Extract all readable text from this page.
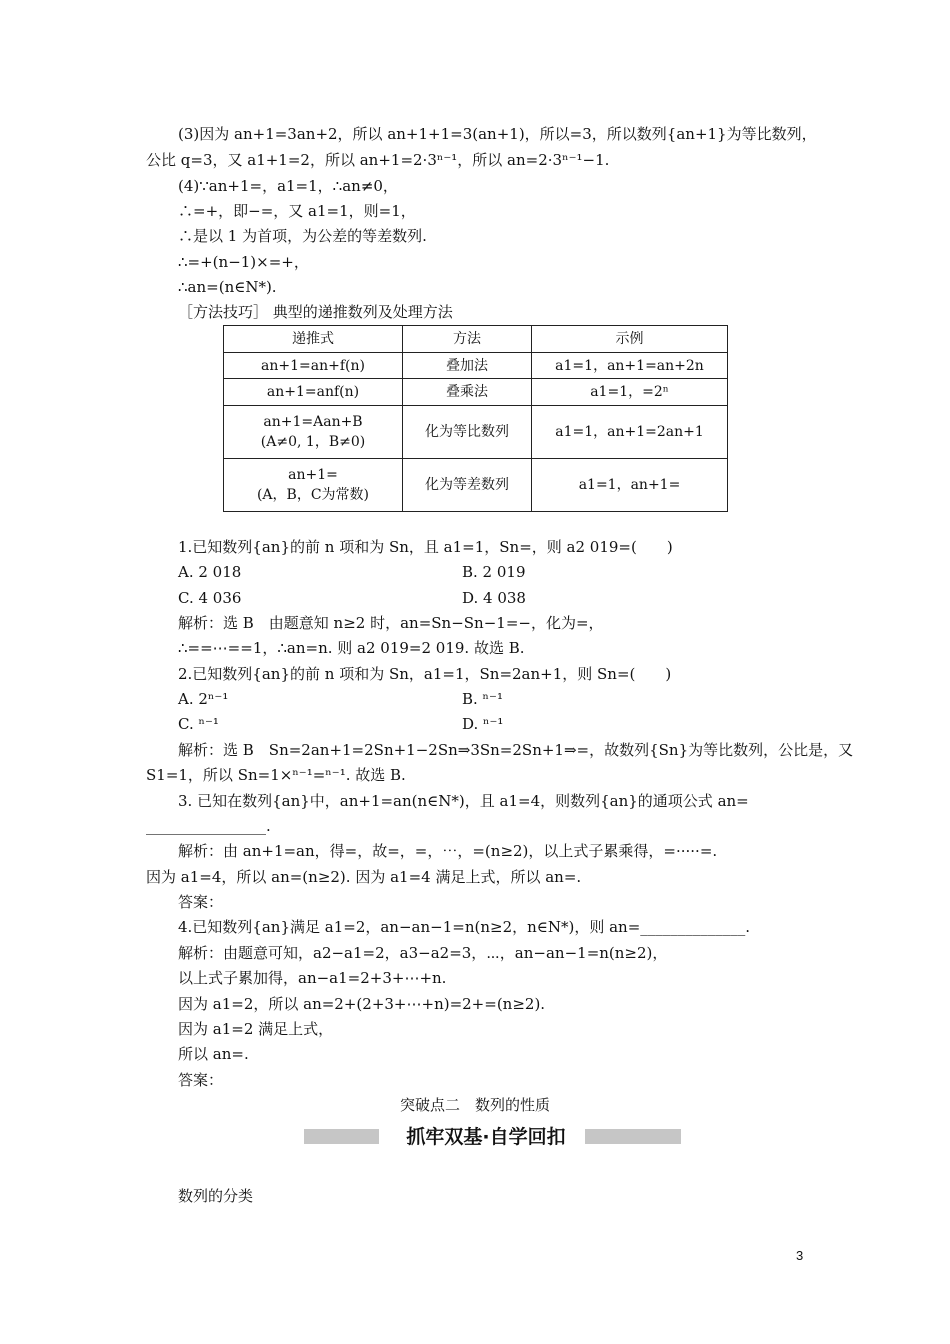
(3)因为 an+1=3an+2，所以 an+1+1=3(an+1)，所以=3，所以数列{an+1}为等比数列，
公比 q=3，又 a1+1=2，所以 an+1=2·3ⁿ⁻¹，所以 an=2·3ⁿ⁻¹−1.
(4)∵an+1=，a1=1，∴an≠0，
∴=+，即−=，又 a1=1，则=1，
∴是以 1 为首项，为公差的等差数列.
∴=+(n−1)×=+，
∴an=(n∈N*).
［方法技巧］ 典型的递推数列及处理方法
递推式	方法	示例
an+1=an+f(n)	叠加法	a1=1，an+1=an+2n
an+1=anf(n)	叠乘法	a1=1，=2ⁿ

an+1=Aan+B
(A≠0, 1，B≠0)	化为等比数列	a1=1，an+1=2an+1

an+1=
(A，B，C为常数)	化为等差数列	a1=1，an+1=
1.已知数列{an}的前 n 项和为 Sn，且 a1=1，Sn=，则 a2 019=(　　)
A. 2 018	B. 2 019
C. 4 036	D. 4 038
解析：选 B　由题意知 n≥2 时，an=Sn−Sn−1=−，化为=，
∴==⋯==1，∴an=n. 则 a2 019=2 019. 故选 B.
2.已知数列{an}的前 n 项和为 Sn，a1=1，Sn=2an+1，则 Sn=(　　)
A. 2ⁿ⁻¹	B. ⁿ⁻¹
C. ⁿ⁻¹	D. ⁿ⁻¹
解析：选 B　Sn=2an+1=2Sn+1−2Sn⇒3Sn=2Sn+1⇒=，故数列{Sn}为等比数列，公比是，又
S1=1，所以 Sn=1×ⁿ⁻¹=ⁿ⁻¹. 故选 B.
3. 已知在数列{an}中，an+1=an(n∈N*)，且 a1=4，则数列{an}的通项公式 an=
________________.
解析：由 an+1=an，得=，故=，=，⋯，=(n≥2)，以上式子累乘得，=·····=.
因为 a1=4，所以 an=(n≥2). 因为 a1=4 满足上式，所以 an=.
答案：
4.已知数列{an}满足 a1=2，an−an−1=n(n≥2，n∈N*)，则 an=______________.
解析：由题意可知，a2−a1=2，a3−a2=3，⋯，an−an−1=n(n≥2)，
以上式子累加得，an−a1=2+3+⋯+n.
因为 a1=2，所以 an=2+(2+3+⋯+n)=2+=(n≥2).
因为 a1=2 满足上式，
所以 an=.
答案：
突破点二　数列的性质
抓牢双基·自学回扣
数列的分类
3
